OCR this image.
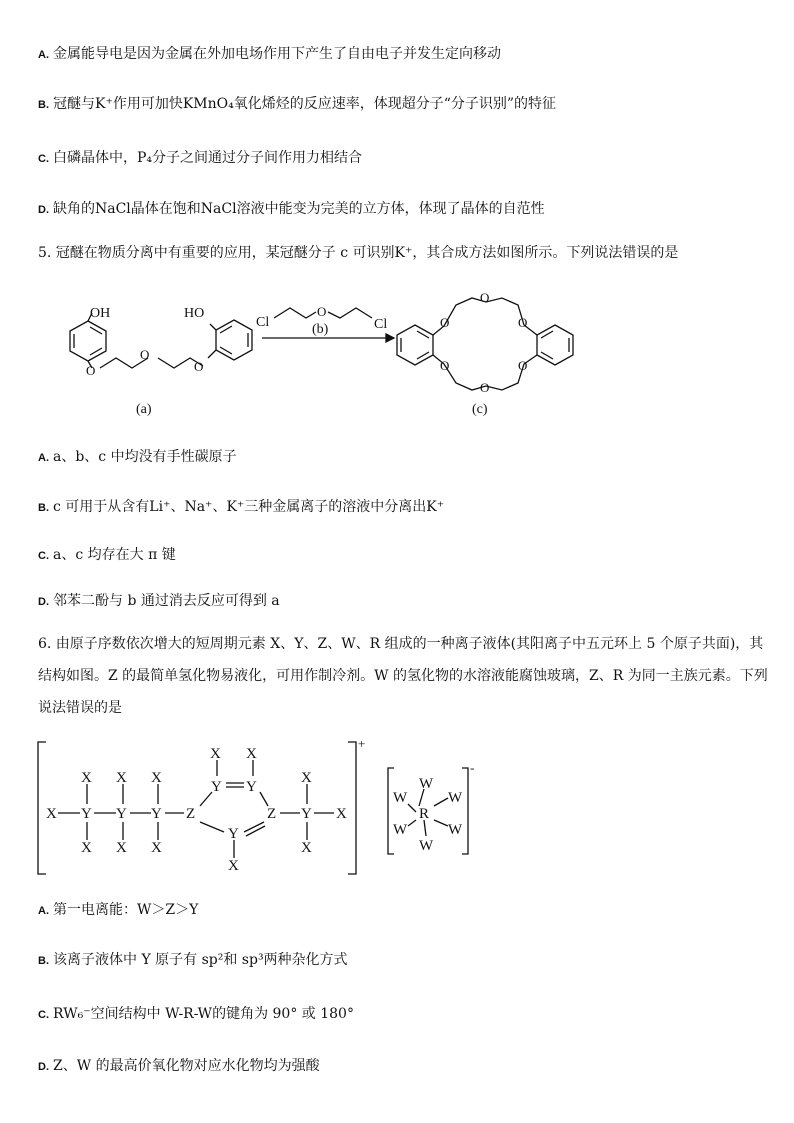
A. 金属能导电是因为金属在外加电场作用下产生了自由电子并发生定向移动
B. 冠醚与K⁺作用可加快KMnO₄氧化烯烃的反应速率，体现超分子“分子识别”的特征
C. 白磷晶体中，P₄分子之间通过分子间作用力相结合
D. 缺角的NaCl晶体在饱和NaCl溶液中能变为完美的立方体，体现了晶体的自范性
5. 冠醚在物质分离中有重要的应用，某冠醚分子 c 可识别K⁺，其合成方法如图所示。下列说法错误的是
OH
O
O
O
HO
Cl
O
Cl
(b)	O
O
O
O
O
O
(a)	(c)
A. a、b、c 中均没有手性碳原子
B. c 可用于从含有Li⁺、Na⁺、K⁺三种金属离子的溶液中分离出K⁺
C. a、c 均存在大 π 键
D. 邻苯二酚与 b 通过消去反应可得到 a
6. 由原子序数依次增大的短周期元素 X、Y、Z、W、R 组成的一种离子液体(其阳离子中五元环上 5 个原子共面)，其
结构如图。Z 的最简单氢化物易液化，可用作制冷剂。W 的氢化物的水溶液能腐蚀玻璃，Z、R 为同一主族元素。下列
说法错误的是
X Y Y Y Z
X
X
X
X
X
X
X X
Y Y
Y
X
Z Y
X
X
X
+
-
W
W	W
R
W	W
W
A. 第一电离能：W＞Z＞Y
B. 该离子液体中 Y 原子有 sp²和 sp³两种杂化方式
C. RW₆⁻空间结构中 W-R-W的键角为 90° 或 180°
D. Z、W 的最高价氧化物对应水化物均为强酸
